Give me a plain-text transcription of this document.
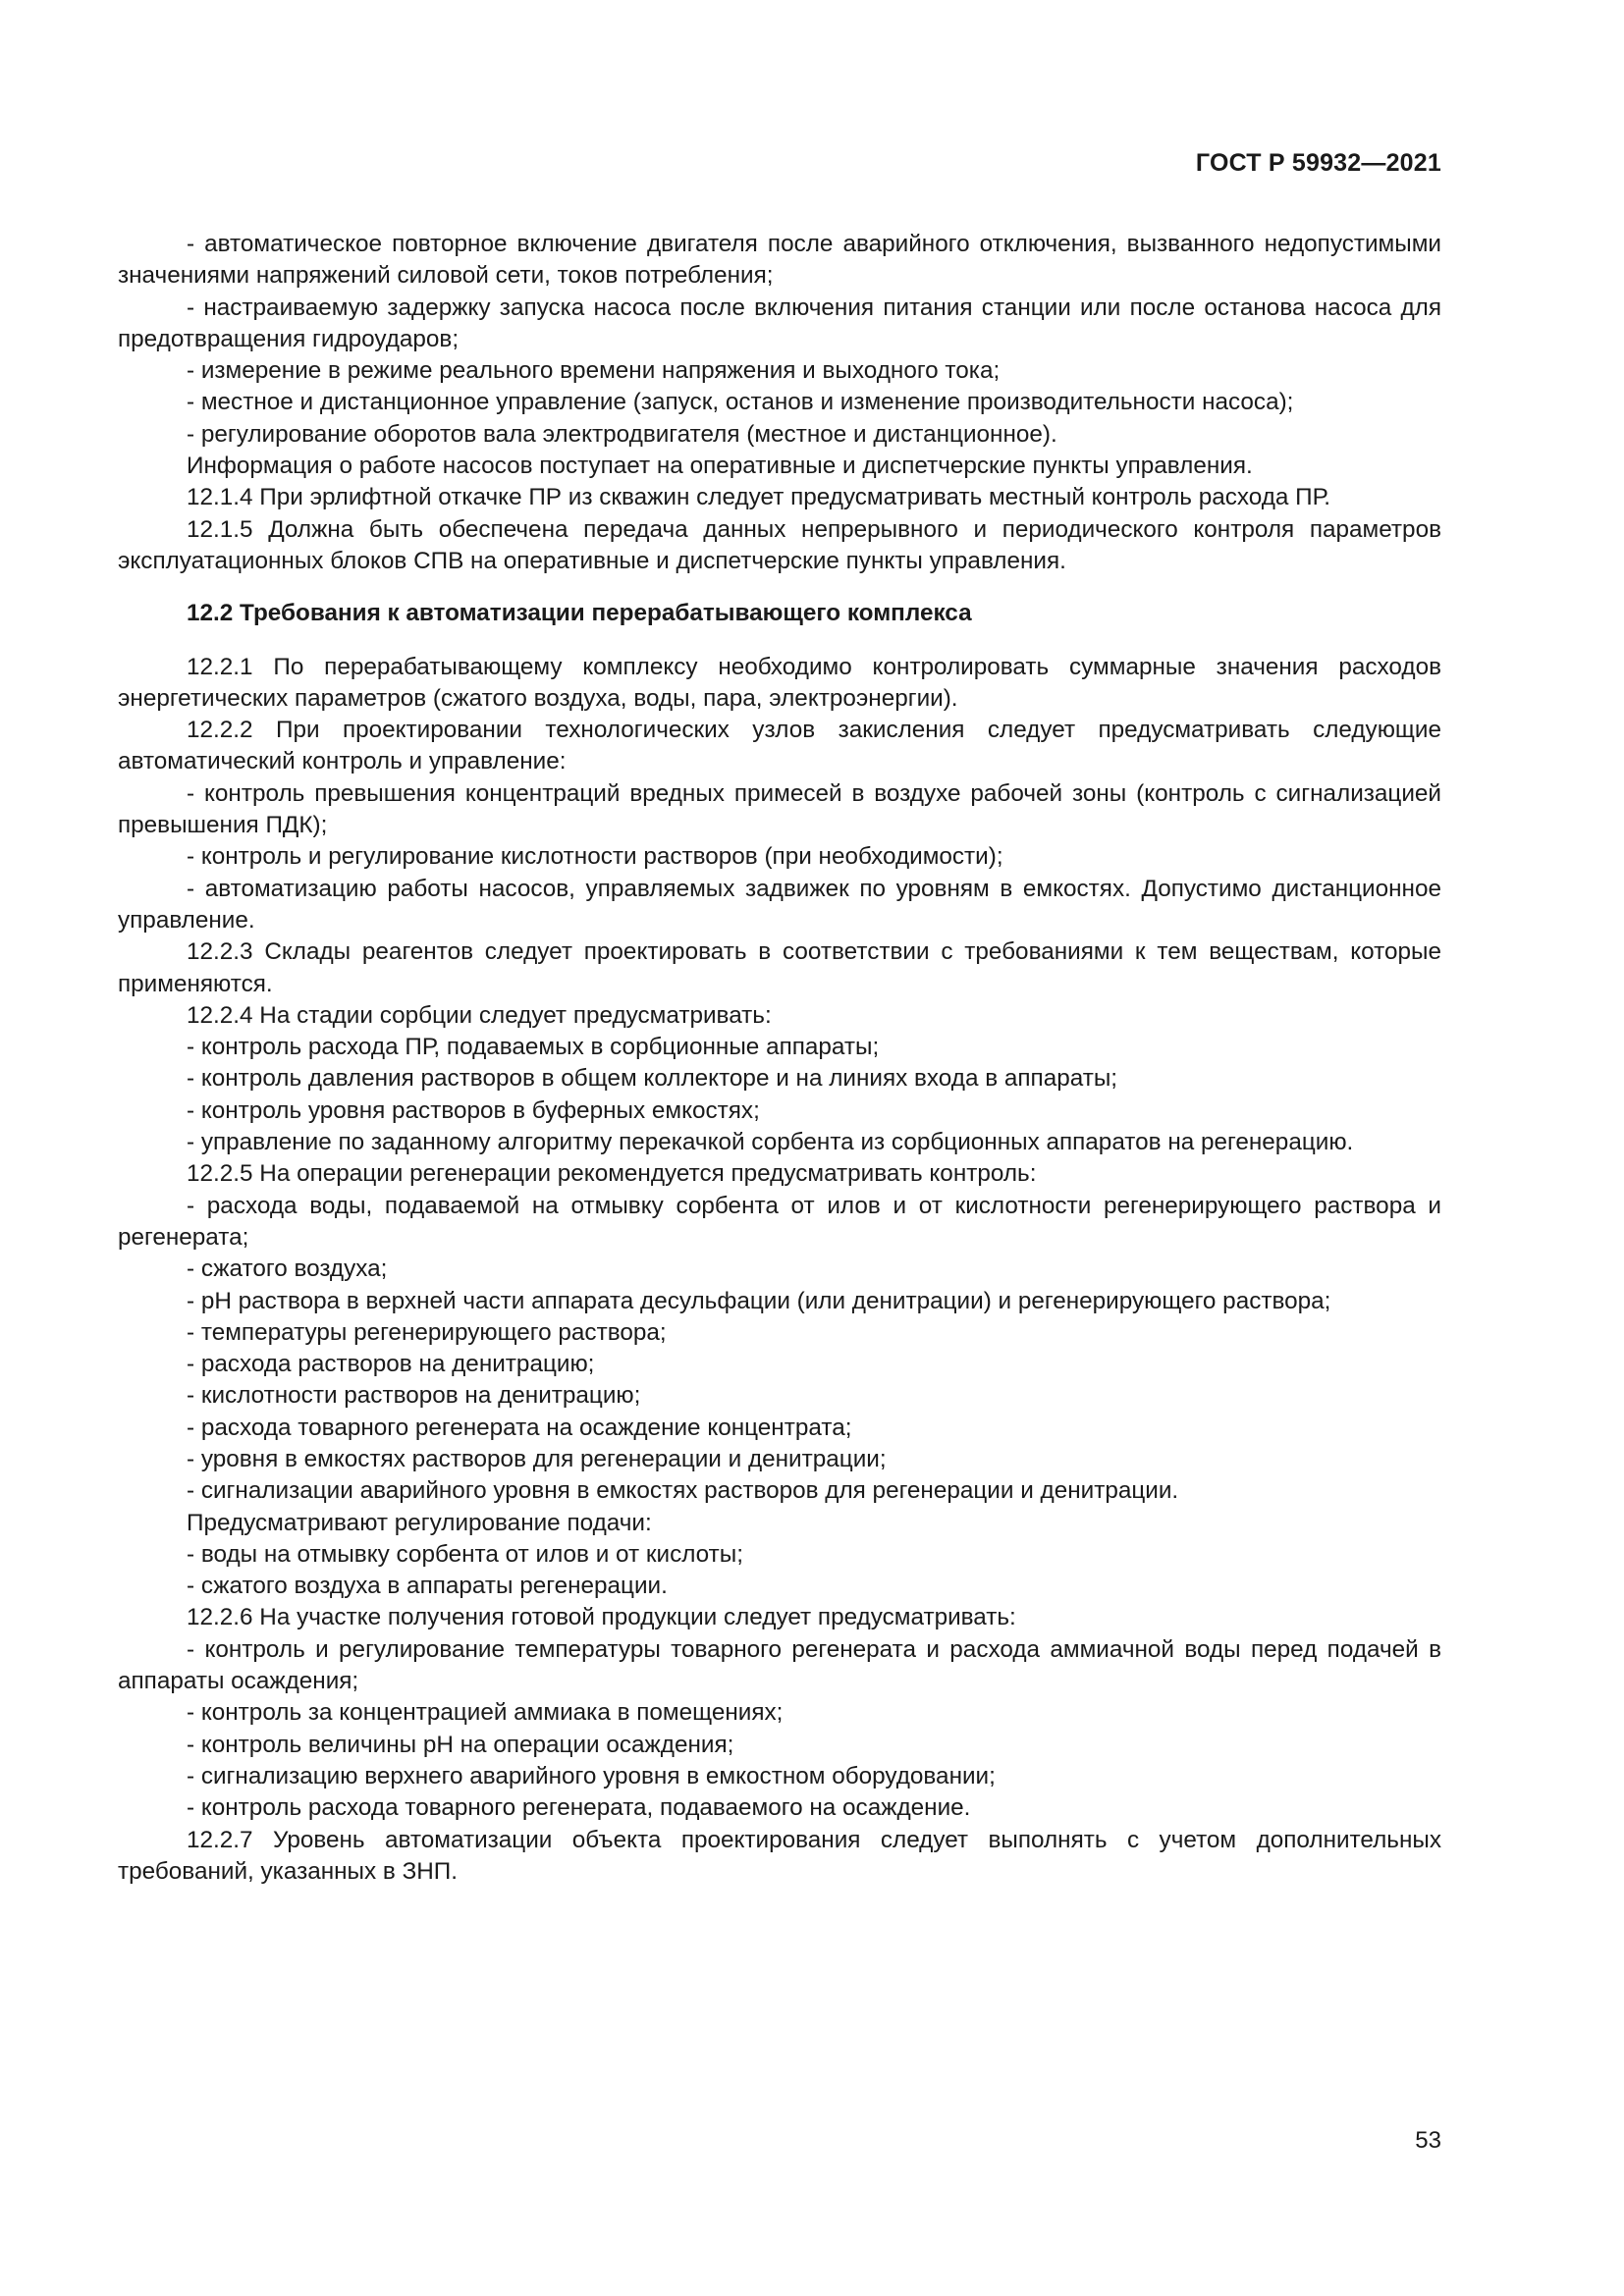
ГОСТ Р 59932—2021

- автоматическое повторное включение двигателя после аварийного отключения, вызванного недопустимыми значениями напряжений силовой сети, токов потребления;

- настраиваемую задержку запуска насоса после включения питания станции или после останова насоса для предотвращения гидроударов;

- измерение в режиме реального времени напряжения и выходного тока;

- местное и дистанционное управление (запуск, останов и изменение производительности насоса);

- регулирование оборотов вала электродвигателя (местное и дистанционное).

Информация о работе насосов поступает на оперативные и диспетчерские пункты управления.

12.1.4 При эрлифтной откачке ПР из скважин следует предусматривать местный контроль расхода ПР.

12.1.5 Должна быть обеспечена передача данных непрерывного и периодического контроля параметров эксплуатационных блоков СПВ на оперативные и диспетчерские пункты управления.

12.2 Требования к автоматизации перерабатывающего комплекса

12.2.1 По перерабатывающему комплексу необходимо контролировать суммарные значения расходов энергетических параметров (сжатого воздуха, воды, пара, электроэнергии).

12.2.2 При проектировании технологических узлов закисления следует предусматривать следующие автоматический контроль и управление:

- контроль превышения концентраций вредных примесей в воздухе рабочей зоны (контроль с сигнализацией превышения ПДК);

- контроль и регулирование кислотности растворов (при необходимости);

- автоматизацию работы насосов, управляемых задвижек по уровням в емкостях. Допустимо дистанционное управление.

12.2.3 Склады реагентов следует проектировать в соответствии с требованиями к тем веществам, которые применяются.

12.2.4 На стадии сорбции следует предусматривать:

- контроль расхода ПР, подаваемых в сорбционные аппараты;

- контроль давления растворов в общем коллекторе и на линиях входа в аппараты;

- контроль уровня растворов в буферных емкостях;

- управление по заданному алгоритму перекачкой сорбента из сорбционных аппаратов на регенерацию.

12.2.5 На операции регенерации рекомендуется предусматривать контроль:

- расхода воды, подаваемой на отмывку сорбента от илов и от кислотности регенерирующего раствора и регенерата;

- сжатого воздуха;

- pH раствора в верхней части аппарата десульфации (или денитрации) и регенерирующего раствора;

- температуры регенерирующего раствора;

- расхода растворов на денитрацию;

- кислотности растворов на денитрацию;

- расхода товарного регенерата на осаждение концентрата;

- уровня в емкостях растворов для регенерации и денитрации;

- сигнализации аварийного уровня в емкостях растворов для регенерации и денитрации.

Предусматривают регулирование подачи:

- воды на отмывку сорбента от илов и от кислоты;

- сжатого воздуха в аппараты регенерации.

12.2.6 На участке получения готовой продукции следует предусматривать:

- контроль и регулирование температуры товарного регенерата и расхода аммиачной воды перед подачей в аппараты осаждения;

- контроль за концентрацией аммиака в помещениях;

- контроль величины pH на операции осаждения;

- сигнализацию верхнего аварийного уровня в емкостном оборудовании;

- контроль расхода товарного регенерата, подаваемого на осаждение.

12.2.7 Уровень автоматизации объекта проектирования следует выполнять с учетом дополнительных требований, указанных в ЗНП.

53
